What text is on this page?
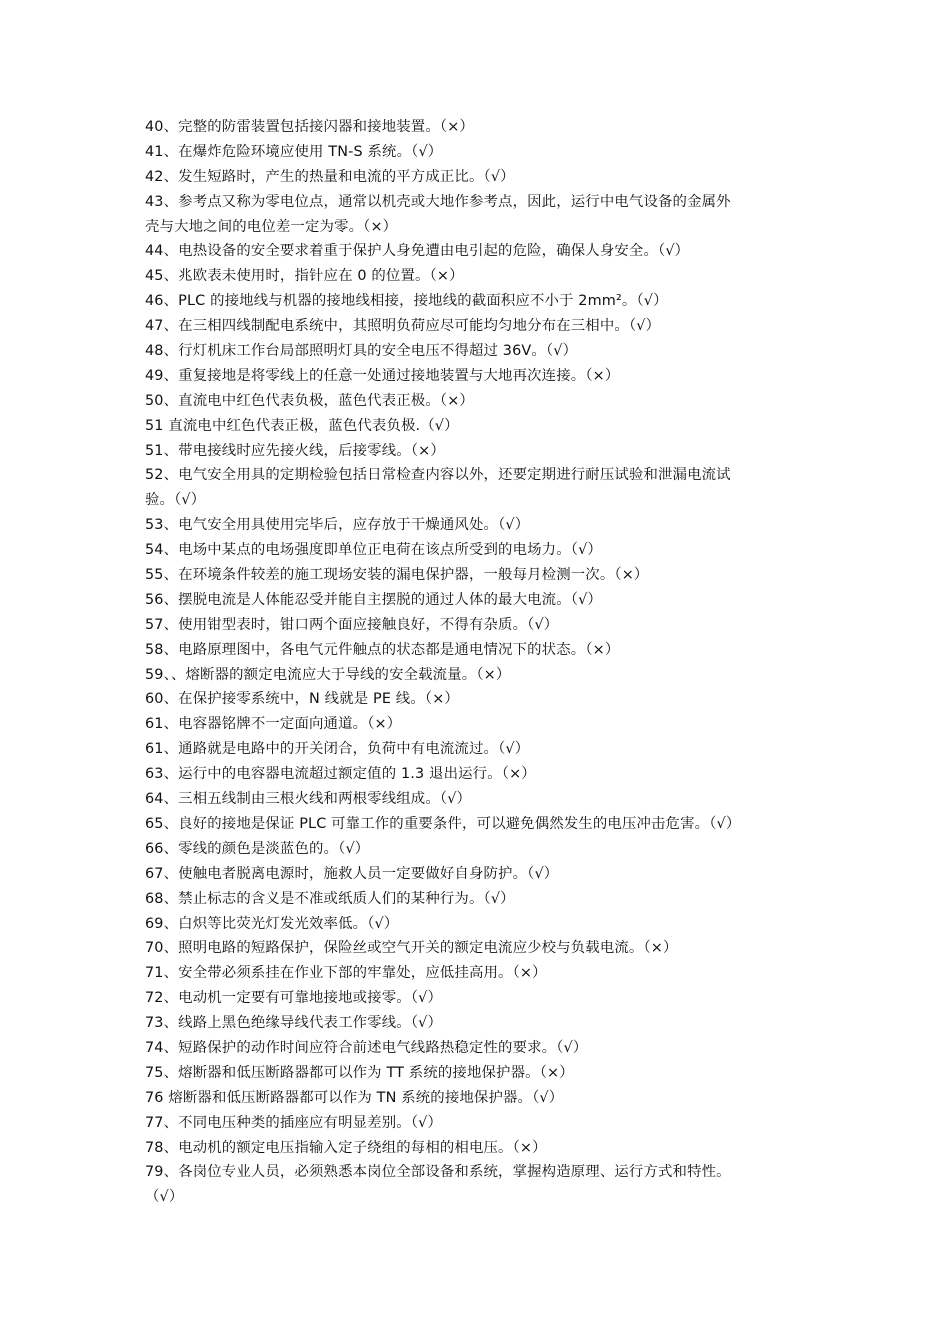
40、完整的防雷装置包括接闪器和接地装置。（×）
41、在爆炸危险环境应使用 TN-S 系统。（√）
42、发生短路时，产生的热量和电流的平方成正比。（√）
43、参考点又称为零电位点，通常以机壳或大地作参考点，因此，运行中电气设备的金属外
壳与大地之间的电位差一定为零。（×）
44、电热设备的安全要求着重于保护人身免遭由电引起的危险，确保人身安全。（√）
45、兆欧表未使用时，指针应在 0 的位置。（×）
46、PLC 的接地线与机器的接地线相接，接地线的截面积应不小于 2mm²。（√）
47、在三相四线制配电系统中，其照明负荷应尽可能均匀地分布在三相中。（√）
48、行灯机床工作台局部照明灯具的安全电压不得超过 36V。（√）
49、重复接地是将零线上的任意一处通过接地装置与大地再次连接。（×）
50、直流电中红色代表负极，蓝色代表正极。（×）
51 直流电中红色代表正极，蓝色代表负极.（√）
51、带电接线时应先接火线，后接零线。（×）
52、电气安全用具的定期检验包括日常检查内容以外，还要定期进行耐压试验和泄漏电流试
验。（√）
53、电气安全用具使用完毕后，应存放于干燥通风处。（√）
54、电场中某点的电场强度即单位正电荷在该点所受到的电场力。（√）
55、在环境条件较差的施工现场安装的漏电保护器，一般每月检测一次。（×）
56、摆脱电流是人体能忍受并能自主摆脱的通过人体的最大电流。（√）
57、使用钳型表时，钳口两个面应接触良好，不得有杂质。（√）
58、电路原理图中，各电气元件触点的状态都是通电情况下的状态。（×）
59、、熔断器的额定电流应大于导线的安全载流量。（×）
60、在保护接零系统中，N 线就是 PE 线。（×）
61、电容器铭牌不一定面向通道。（×）
61、通路就是电路中的开关闭合，负荷中有电流流过。（√）
63、运行中的电容器电流超过额定值的 1.3 退出运行。（×）
64、三相五线制由三根火线和两根零线组成。（√）
65、良好的接地是保证 PLC 可靠工作的重要条件，可以避免偶然发生的电压冲击危害。（√）
66、零线的颜色是淡蓝色的。（√）
67、使触电者脱离电源时，施救人员一定要做好自身防护。（√）
68、禁止标志的含义是不准或纸质人们的某种行为。（√）
69、白炽等比荧光灯发光效率低。（√）
70、照明电路的短路保护，保险丝或空气开关的额定电流应少校与负载电流。（×）
71、安全带必须系挂在作业下部的牢靠处，应低挂高用。（×）
72、电动机一定要有可靠地接地或接零。（√）
73、线路上黑色绝缘导线代表工作零线。（√）
74、短路保护的动作时间应符合前述电气线路热稳定性的要求。（√）
75、熔断器和低压断路器都可以作为 TT 系统的接地保护器。（×）
76 熔断器和低压断路器都可以作为 TN 系统的接地保护器。（√）
77、不同电压种类的插座应有明显差别。（√）
78、电动机的额定电压指输入定子绕组的每相的相电压。（×）
79、各岗位专业人员，必须熟悉本岗位全部设备和系统，掌握构造原理、运行方式和特性。
（√）
